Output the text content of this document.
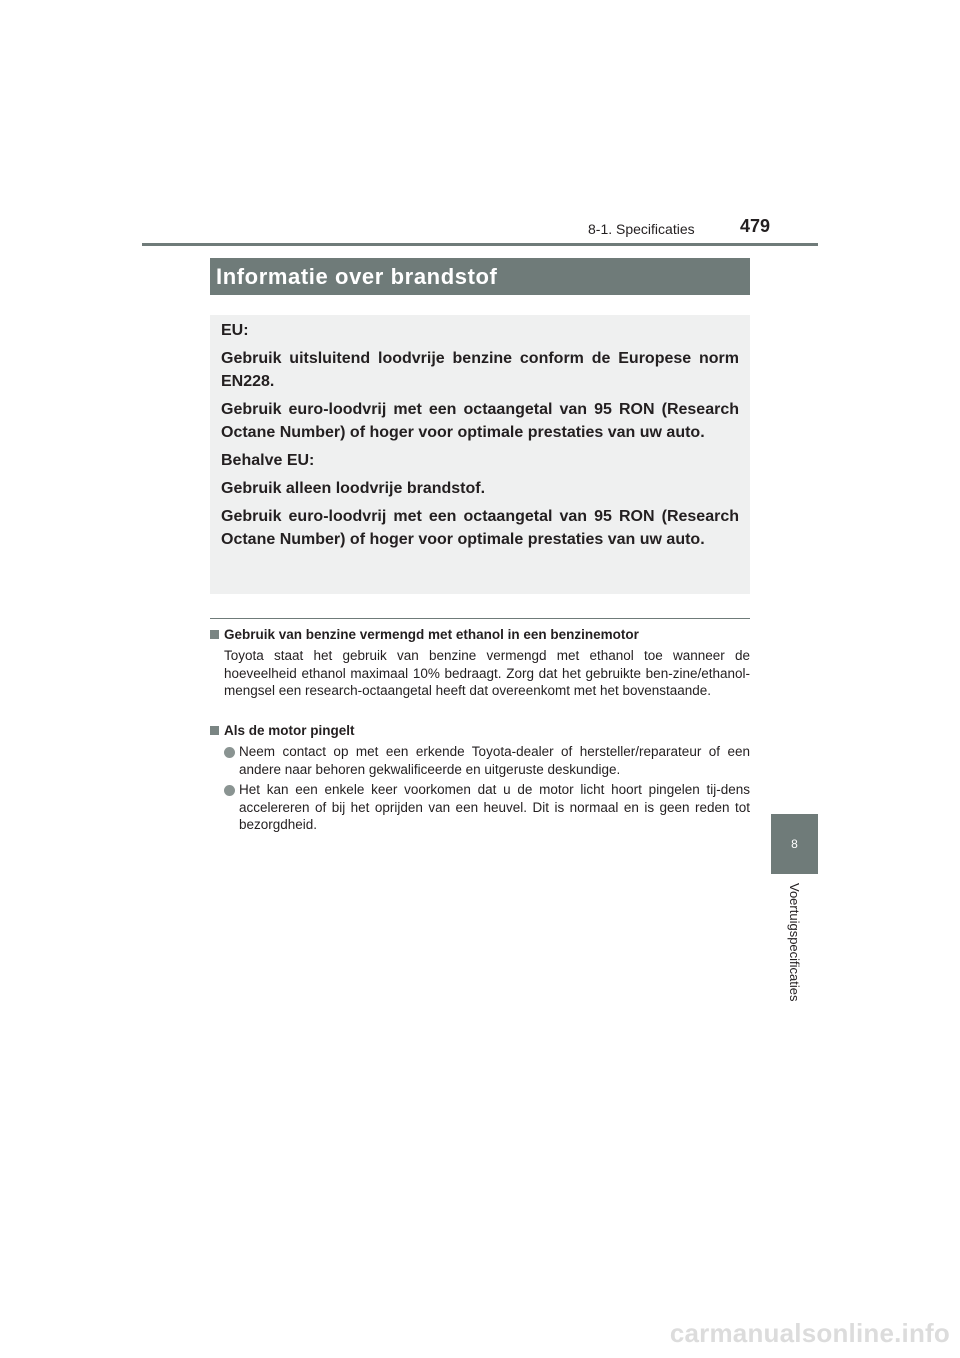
8-1. Specificaties	479
Informatie over brandstof

EU:

Gebruik uitsluitend loodvrije benzine conform de Europese norm EN228.

Gebruik euro-loodvrij met een octaangetal van 95 RON (Research Octane Number) of hoger voor optimale prestaties van uw auto.

Behalve EU:

Gebruik alleen loodvrije brandstof.

Gebruik euro-loodvrij met een octaangetal van 95 RON (Research Octane Number) of hoger voor optimale prestaties van uw auto.

Gebruik van benzine vermengd met ethanol in een benzinemotor
Toyota staat het gebruik van benzine vermengd met ethanol toe wanneer de hoeveelheid ethanol maximaal 10% bedraagt. Zorg dat het gebruikte ben-zine/ethanol-mengsel een research-octaangetal heeft dat overeenkomt met het bovenstaande.
Als de motor pingelt
Neem contact op met een erkende Toyota-dealer of hersteller/reparateur of een andere naar behoren gekwalificeerde en uitgeruste deskundige.
Het kan een enkele keer voorkomen dat u de motor licht hoort pingelen tij-dens accelereren of bij het oprijden van een heuvel. Dit is normaal en is geen reden tot bezorgdheid.
8
Voertuigspecificaties
carmanualsonline.info
